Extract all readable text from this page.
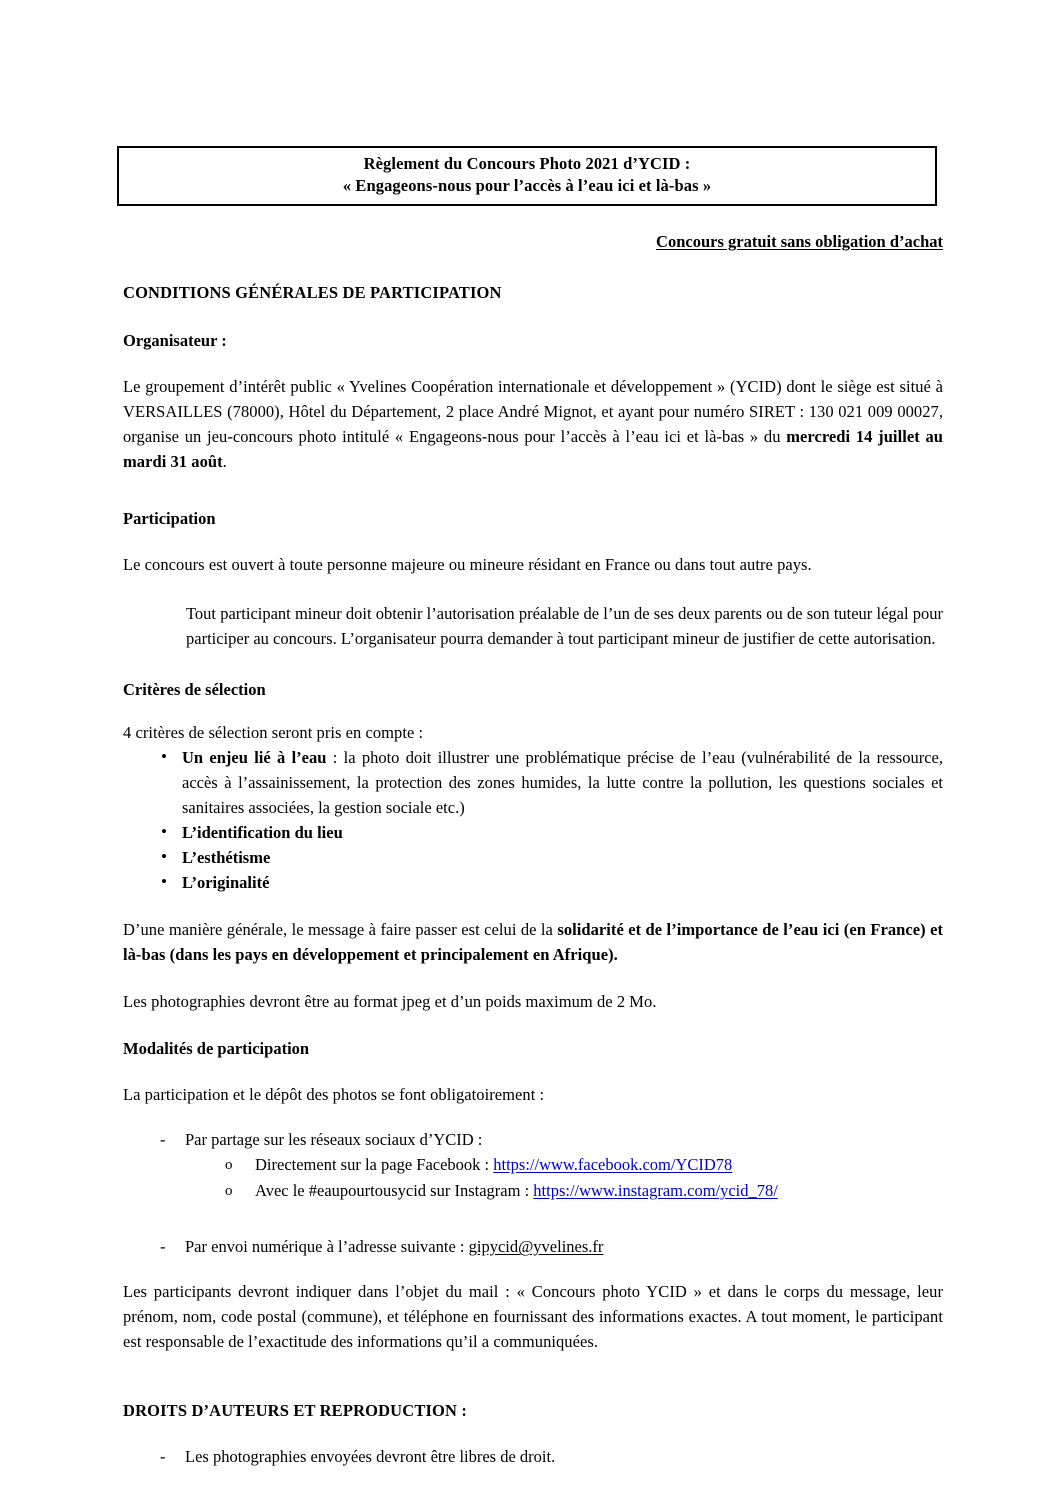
Règlement du Concours Photo 2021 d’YCID :
« Engageons-nous pour l’accès à l’eau ici et là-bas »
Concours gratuit sans obligation d’achat
CONDITIONS GÉNÉRALES DE PARTICIPATION
Organisateur :

Le groupement d’intérêt public « Yvelines Coopération internationale et développement » (YCID) dont le siège est situé à VERSAILLES (78000), Hôtel du Département, 2 place André Mignot, et ayant pour numéro SIRET : 130 021 009 00027, organise un jeu-concours photo intitulé « Engageons-nous pour l’accès à l’eau ici et là-bas » du mercredi 14 juillet au mardi 31 août.

Participation

Le concours est ouvert à toute personne majeure ou mineure résidant en France ou dans tout autre pays.

Tout participant mineur doit obtenir l’autorisation préalable de l’un de ses deux parents ou de son tuteur légal pour participer au concours. L’organisateur pourra demander à tout participant mineur de justifier de cette autorisation.
Critères de sélection

4 critères de sélection seront pris en compte :

• Un enjeu lié à l’eau : la photo doit illustrer une problématique précise de l’eau (vulnérabilité de la ressource, accès à l’assainissement, la protection des zones humides, la lutte contre la pollution, les questions sociales et sanitaires associées, la gestion sociale etc.)
• L’identification du lieu
• L’esthétisme
• L’originalité

D’une manière générale, le message à faire passer est celui de la solidarité et de l’importance de l’eau ici (en France) et là-bas (dans les pays en développement et principalement en Afrique).

Les photographies devront être au format jpeg et d’un poids maximum de 2 Mo.

Modalités de participation

La participation et le dépôt des photos se font obligatoirement :

- Par partage sur les réseaux sociaux d’YCID :
o Directement sur la page Facebook : https://www.facebook.com/YCID78
o Avec le #eaupourtousycid sur Instagram : https://www.instagram.com/ycid_78/
- Par envoi numérique à l’adresse suivante : gipycid@yvelines.fr

Les participants devront indiquer dans l’objet du mail : « Concours photo YCID » et dans le corps du message, leur prénom, nom, code postal (commune), et téléphone en fournissant des informations exactes. A tout moment, le participant est responsable de l’exactitude des informations qu’il a communiquées.

DROITS D’AUTEURS ET REPRODUCTION :
- Les photographies envoyées devront être libres de droit.
